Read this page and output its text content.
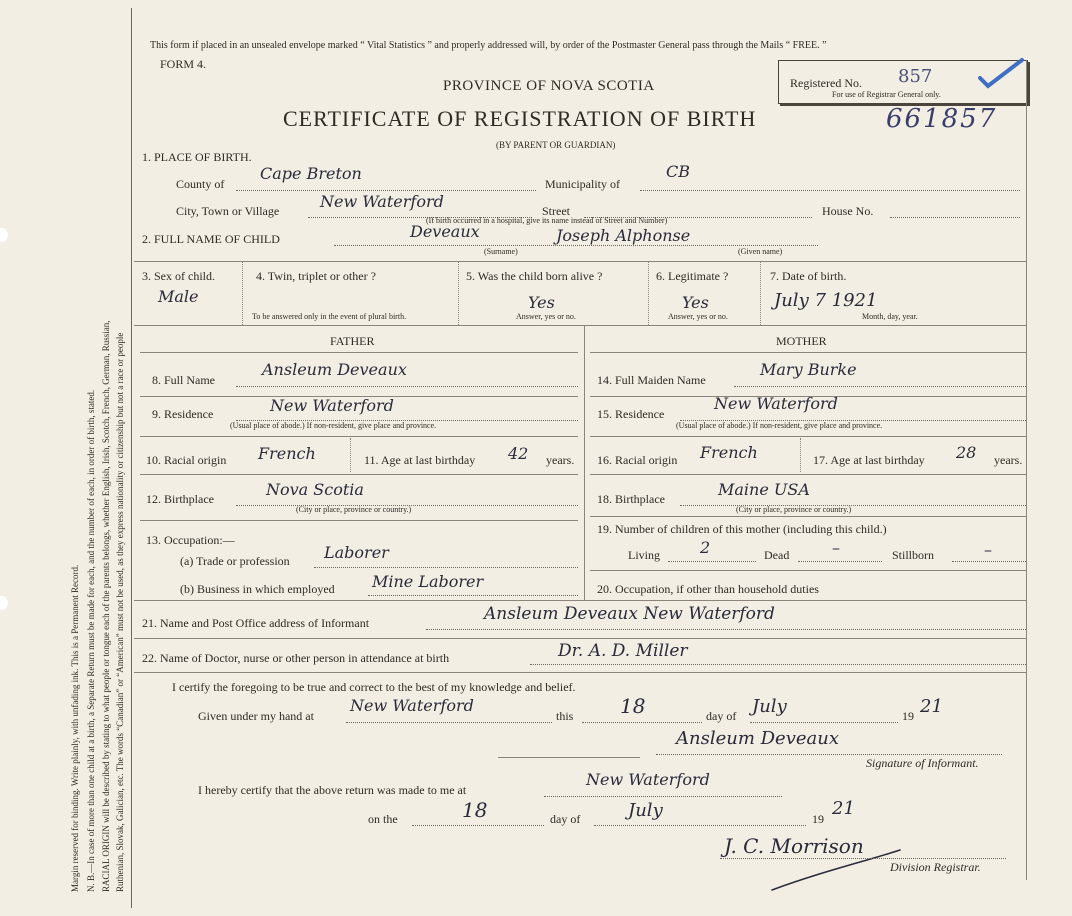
Margin reserved for binding. Write plainly, with unfading ink. This is a Permanent Record. N. B.—In case of more than one child at a birth, a Separate Return must be made for each, and the number of each, in order of birth, stated. RACIAL ORIGIN will be described by stating to what people or tongue each of the parents belongs, whether English, Irish, Scotch, French, German, Russian, Ruthenian, Slovak, Galician, etc. The words “Canadian” or “American” must not be used, as they express nationality or citizenship but not a race or people
This form if placed in an unsealed envelope marked “ Vital Statistics ” and properly addressed will, by order of the Postmaster General pass through the Mails “ FREE. ”
FORM 4.
PROVINCE OF NOVA SCOTIA
CERTIFICATE OF REGISTRATION OF BIRTH	661857
(BY PARENT OR GUARDIAN)
Registered No. 857
For use of Registrar General only.
1. PLACE OF BIRTH.
County of
Cape Breton
Municipality of
CB
City, Town or Village	New Waterford	Street	House No.
(If birth occurred in a hospital, give its name instead of Street and Number)
2. FULL NAME OF CHILD	Deveaux	Joseph Alphonse
(Surname)	(Given name)
3. Sex of child.
Male
4. Twin, triplet or other ?
To be answered only in the event of plural birth.
5. Was the child born alive ?
Yes
Answer, yes or no.
6. Legitimate ?
Yes
Answer, yes or no.
7. Date of birth.
July 7 1921
Month, day, year.
FATHER	MOTHER
8. Full Name
Ansleum Deveaux
9. Residence	New Waterford
(Usual place of abode.) If non-resident, give place and province.
10. Racial origin French	11. Age at last birthday 42 years.
12. Birthplace	Nova Scotia
(City or place, province or country.)
13. Occupation:—
(a) Trade or profession Laborer
(b) Business in which employed Mine Laborer
14. Full Maiden Name
Mary Burke
15. Residence
New Waterford
(Usual place of abode.) If non-resident, give place and province.
16. Racial origin French	17. Age at last birthday 28 years.
18. Birthplace	Maine USA
(City or place, province or country.)
19. Number of children of this mother (including this child.)
Living	2	Dead	–	Stillborn	–
20. Occupation, if other than household duties
21. Name and Post Office address of Informant	Ansleum Deveaux New Waterford
22. Name of Doctor, nurse or other person in attendance at birth	Dr. A. D. Miller
I certify the foregoing to be true and correct to the best of my knowledge and belief.
Given under my hand at
New Waterford
this 18	day of July	19 21
Ansleum Deveaux
Signature of Informant.
I hereby certify that the above return was made to me at
New Waterford
on the	18	day of	July	19 21
J. C. Morrison
Division Registrar.
